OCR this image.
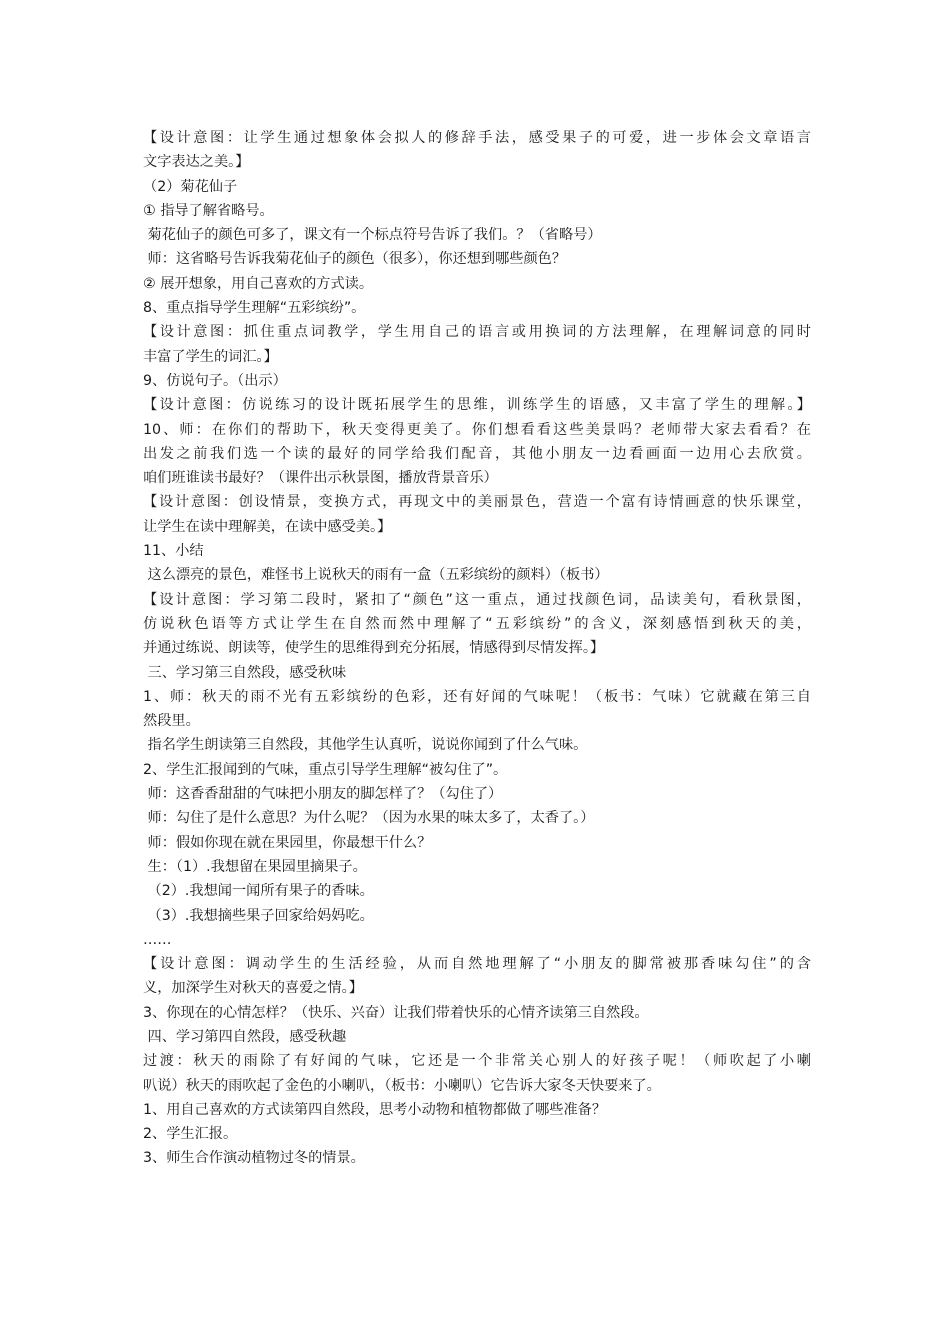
【设计意图：让学生通过想象体会拟人的修辞手法，感受果子的可爱，进一步体会文章语言
文字表达之美。】
（2）菊花仙子
① 指导了解省略号。
菊花仙子的颜色可多了，课文有一个标点符号告诉了我们。？（省略号）
师：这省略号告诉我菊花仙子的颜色（很多），你还想到哪些颜色？
② 展开想象，用自己喜欢的方式读。
8、重点指导学生理解“五彩缤纷”。
【设计意图：抓住重点词教学，学生用自己的语言或用换词的方法理解，在理解词意的同时
丰富了学生的词汇。】
9、仿说句子。（出示）
【设计意图：仿说练习的设计既拓展学生的思维，训练学生的语感，又丰富了学生的理解。】
10、师：在你们的帮助下，秋天变得更美了。你们想看看这些美景吗？老师带大家去看看？在
出发之前我们选一个读的最好的同学给我们配音，其他小朋友一边看画面一边用心去欣赏。
咱们班谁读书最好？（课件出示秋景图，播放背景音乐）
【设计意图：创设情景，变换方式，再现文中的美丽景色，营造一个富有诗情画意的快乐课堂，
让学生在读中理解美，在读中感受美。】
11、小结
这么漂亮的景色，难怪书上说秋天的雨有一盒（五彩缤纷的颜料）（板书）
【设计意图：学习第二段时，紧扣了“颜色”这一重点，通过找颜色词，品读美句，看秋景图，
仿说秋色语等方式让学生在自然而然中理解了“五彩缤纷”的含义，深刻感悟到秋天的美，
并通过练说、朗读等，使学生的思维得到充分拓展，情感得到尽情发挥。】
三、学习第三自然段，感受秋味
1、师：秋天的雨不光有五彩缤纷的色彩，还有好闻的气味呢！（板书：气味）它就藏在第三自
然段里。
指名学生朗读第三自然段，其他学生认真听，说说你闻到了什么气味。
2、学生汇报闻到的气味，重点引导学生理解“被勾住了”。
师：这香香甜甜的气味把小朋友的脚怎样了？（勾住了）
师：勾住了是什么意思？为什么呢？（因为水果的味太多了，太香了。）
师：假如你现在就在果园里，你最想干什么？
生：（1）.我想留在果园里摘果子。
（2）.我想闻一闻所有果子的香味。
（3）.我想摘些果子回家给妈妈吃。
……
【设计意图：调动学生的生活经验，从而自然地理解了“小朋友的脚常被那香味勾住”的含
义，加深学生对秋天的喜爱之情。】
3、你现在的心情怎样？（快乐、兴奋）让我们带着快乐的心情齐读第三自然段。
四、学习第四自然段，感受秋趣
过渡：秋天的雨除了有好闻的气味，它还是一个非常关心别人的好孩子呢！（师吹起了小喇
叭说）秋天的雨吹起了金色的小喇叭，（板书：小喇叭）它告诉大家冬天快要来了。
1、用自己喜欢的方式读第四自然段，思考小动物和植物都做了哪些准备？
2、学生汇报。
3、师生合作演动植物过冬的情景。
